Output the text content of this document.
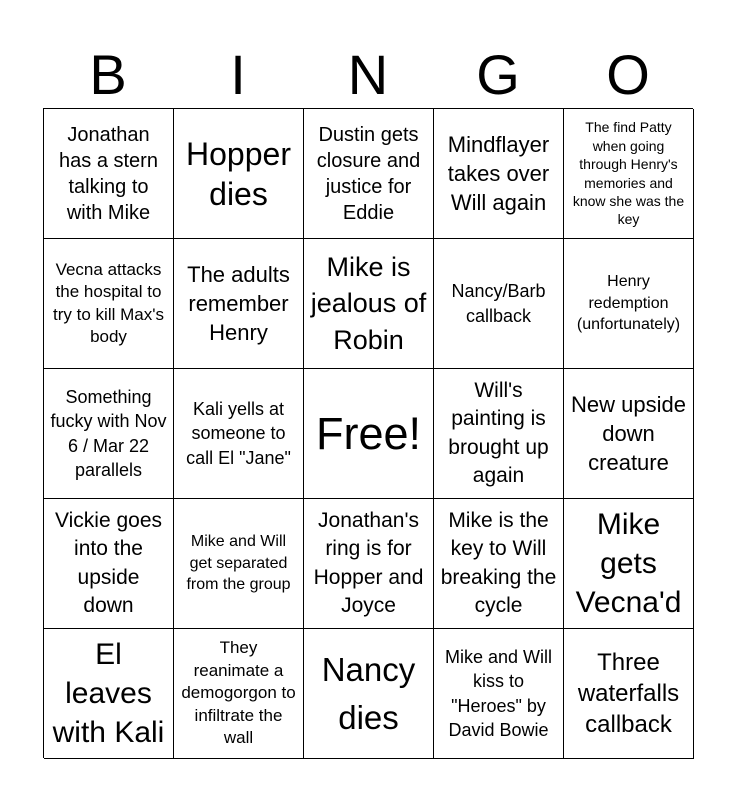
B	I	N	G	O
Jonathan has a stern talking to with Mike
Hopper dies
Dustin gets closure and justice for Eddie
Mindflayer takes over Will again
The find Patty when going through Henry's memories and know she was the key
Vecna attacks the hospital to try to kill Max's body
The adults remember Henry
Mike is jealous of Robin
Nancy/Barb callback
Henry redemption (unfortunately)
Something fucky with Nov 6 / Mar 22 parallels
Kali yells at someone to call El "Jane" Free!
Will's painting is brought up again
New upside down creature
Vickie goes into the upside down
Mike and Will get separated from the group
Jonathan's ring is for Hopper and Joyce
Mike is the key to Will breaking the cycle
Mike gets Vecna'd
El leaves with Kali
They reanimate a demogorgon to infiltrate the wall
Nancy dies
Mike and Will kiss to "Heroes" by David Bowie
Three waterfalls callback
